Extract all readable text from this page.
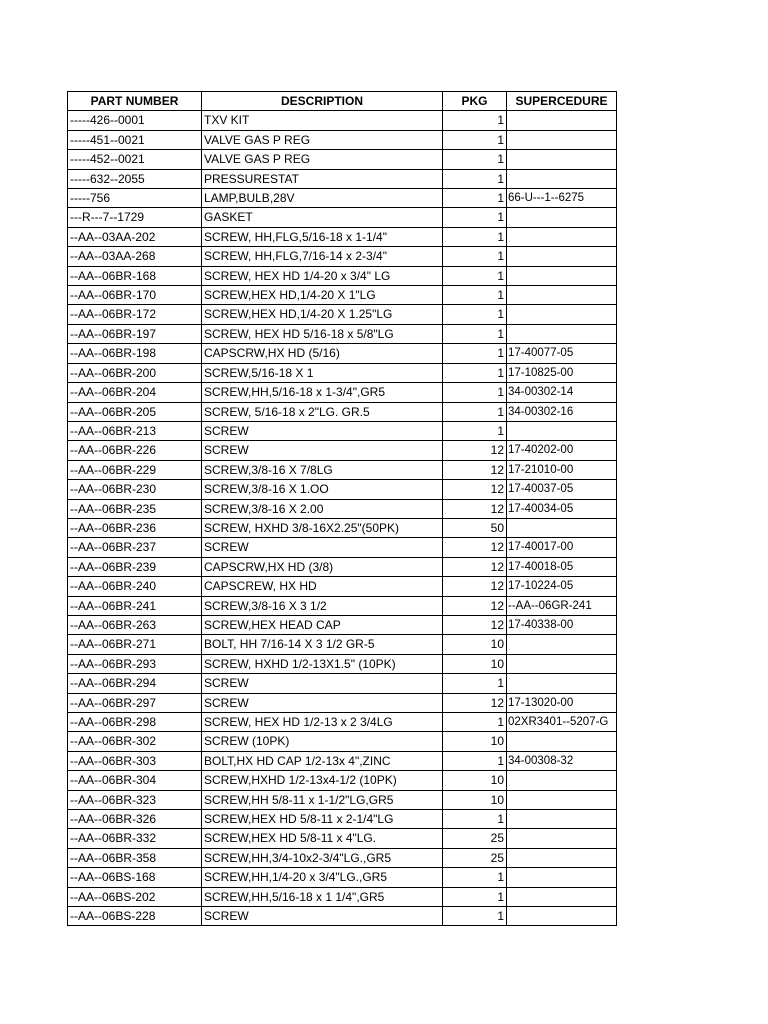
PART NUMBER	DESCRIPTION	PKG	SUPERCEDURE
-----426--0001	TXV KIT	1	
-----451--0021	VALVE GAS P REG	1	
-----452--0021	VALVE GAS P REG	1	
-----632--2055	PRESSURESTAT	1	
-----756	LAMP,BULB,28V	1	66-U---1--6275
---R---7--1729	GASKET	1	
--AA--03AA-202	SCREW, HH,FLG,5/16-18 x 1-1/4"	1	
--AA--03AA-268	SCREW, HH,FLG,7/16-14 x 2-3/4"	1	
--AA--06BR-168	SCREW, HEX HD 1/4-20 x 3/4" LG	1	
--AA--06BR-170	SCREW,HEX HD,1/4-20 X 1"LG	1	
--AA--06BR-172	SCREW,HEX HD,1/4-20 X 1.25"LG	1	
--AA--06BR-197	SCREW, HEX HD 5/16-18 x 5/8"LG	1	
--AA--06BR-198	CAPSCRW,HX HD (5/16)	1	17-40077-05
--AA--06BR-200	SCREW,5/16-18 X 1	1	17-10825-00
--AA--06BR-204	SCREW,HH,5/16-18 x 1-3/4",GR5	1	34-00302-14
--AA--06BR-205	SCREW, 5/16-18 x 2"LG. GR.5	1	34-00302-16
--AA--06BR-213	SCREW	1	
--AA--06BR-226	SCREW	12	17-40202-00
--AA--06BR-229	SCREW,3/8-16 X 7/8LG	12	17-21010-00
--AA--06BR-230	SCREW,3/8-16 X 1.OO	12	17-40037-05
--AA--06BR-235	SCREW,3/8-16 X 2.00	12	17-40034-05
--AA--06BR-236	SCREW, HXHD 3/8-16X2.25"(50PK)	50	
--AA--06BR-237	SCREW	12	17-40017-00
--AA--06BR-239	CAPSCRW,HX HD (3/8)	12	17-40018-05
--AA--06BR-240	CAPSCREW, HX HD	12	17-10224-05
--AA--06BR-241	SCREW,3/8-16 X 3 1/2	12	--AA--06GR-241
--AA--06BR-263	SCREW,HEX HEAD CAP	12	17-40338-00
--AA--06BR-271	BOLT, HH 7/16-14 X 3 1/2 GR-5	10	
--AA--06BR-293	SCREW, HXHD 1/2-13X1.5" (10PK)	10	
--AA--06BR-294	SCREW	1	
--AA--06BR-297	SCREW	12	17-13020-00
--AA--06BR-298	SCREW, HEX HD 1/2-13 x 2 3/4LG	1	02XR3401--5207-G
--AA--06BR-302	SCREW (10PK)	10	
--AA--06BR-303	BOLT,HX HD CAP 1/2-13x 4",ZINC	1	34-00308-32
--AA--06BR-304	SCREW,HXHD 1/2-13x4-1/2 (10PK)	10	
--AA--06BR-323	SCREW,HH 5/8-11 x 1-1/2"LG,GR5	10	
--AA--06BR-326	SCREW,HEX HD 5/8-11 x 2-1/4"LG	1	
--AA--06BR-332	SCREW,HEX HD 5/8-11 x 4"LG.	25	
--AA--06BR-358	SCREW,HH,3/4-10x2-3/4"LG.,GR5	25	
--AA--06BS-168	SCREW,HH,1/4-20 x 3/4"LG.,GR5	1	
--AA--06BS-202	SCREW,HH,5/16-18 x 1 1/4",GR5	1	
--AA--06BS-228	SCREW	1	
